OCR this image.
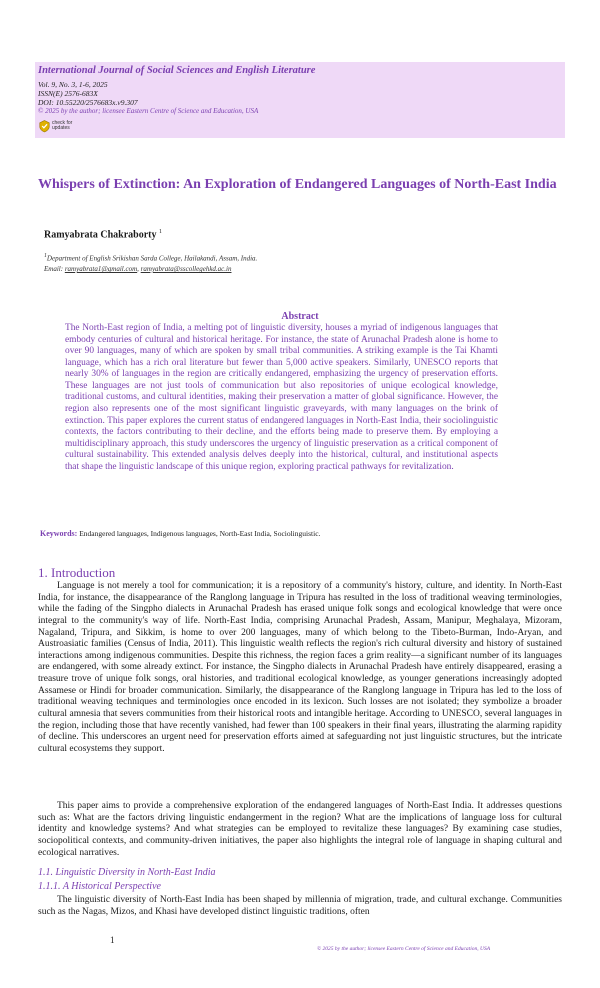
International Journal of Social Sciences and English Literature
Vol. 9, No. 3, 1-6, 2025
ISSN(E) 2576-683X
DOI: 10.55220/2576683x.v9.307
© 2025 by the author; licensee Eastern Centre of Science and Education, USA
check for updates
Whispers of Extinction: An Exploration of Endangered Languages of North-East India
Ramyabrata Chakraborty $^1$
$^1$Department of English Srikishan Sarda College, Hailakandi, Assam, India.
Email: ramyabrata1@gmail.com, ramyabrata@sscollegehkd.ac.in
Abstract

The North-East region of India, a melting pot of linguistic diversity, houses a myriad of indigenous languages that embody centuries of cultural and historical heritage. For instance, the state of Arunachal Pradesh alone is home to over 90 languages, many of which are spoken by small tribal communities. A striking example is the Tai Khamti language, which has a rich oral literature but fewer than 5,000 active speakers. Similarly, UNESCO reports that nearly 30% of languages in the region are critically endangered, emphasizing the urgency of preservation efforts. These languages are not just tools of communication but also repositories of unique ecological knowledge, traditional customs, and cultural identities, making their preservation a matter of global significance. However, the region also represents one of the most significant linguistic graveyards, with many languages on the brink of extinction. This paper explores the current status of endangered languages in North-East India, their sociolinguistic contexts, the factors contributing to their decline, and the efforts being made to preserve them. By employing a multidisciplinary approach, this study underscores the urgency of linguistic preservation as a critical component of cultural sustainability. This extended analysis delves deeply into the historical, cultural, and institutional aspects that shape the linguistic landscape of this unique region, exploring practical pathways for revitalization.

Keywords: Endangered languages, Indigenous languages, North-East India, Sociolinguistic.
1. Introduction

Language is not merely a tool for communication; it is a repository of a community's history, culture, and identity. In North-East India, for instance, the disappearance of the Ranglong language in Tripura has resulted in the loss of traditional weaving terminologies, while the fading of the Singpho dialects in Arunachal Pradesh has erased unique folk songs and ecological knowledge that were once integral to the community's way of life. North-East India, comprising Arunachal Pradesh, Assam, Manipur, Meghalaya, Mizoram, Nagaland, Tripura, and Sikkim, is home to over 200 languages, many of which belong to the Tibeto-Burman, Indo-Aryan, and Austroasiatic families (Census of India, 2011). This linguistic wealth reflects the region's rich cultural diversity and history of sustained interactions among indigenous communities. Despite this richness, the region faces a grim reality—a significant number of its languages are endangered, with some already extinct. For instance, the Singpho dialects in Arunachal Pradesh have entirely disappeared, erasing a treasure trove of unique folk songs, oral histories, and traditional ecological knowledge, as younger generations increasingly adopted Assamese or Hindi for broader communication. Similarly, the disappearance of the Ranglong language in Tripura has led to the loss of traditional weaving techniques and terminologies once encoded in its lexicon. Such losses are not isolated; they symbolize a broader cultural amnesia that severs communities from their historical roots and intangible heritage. According to UNESCO, several languages in the region, including those that have recently vanished, had fewer than 100 speakers in their final years, illustrating the alarming rapidity of decline. This underscores an urgent need for preservation efforts aimed at safeguarding not just linguistic structures, but the intricate cultural ecosystems they support.

This paper aims to provide a comprehensive exploration of the endangered languages of North-East India. It addresses questions such as: What are the factors driving linguistic endangerment in the region? What are the implications of language loss for cultural identity and knowledge systems? And what strategies can be employed to revitalize these languages? By examining case studies, sociopolitical contexts, and community-driven initiatives, the paper also highlights the integral role of language in shaping cultural and ecological narratives.

1.1. Linguistic Diversity in North-East India
1.1.1. A Historical Perspective

The linguistic diversity of North-East India has been shaped by millennia of migration, trade, and cultural exchange. Communities such as the Nagas, Mizos, and Khasi have developed distinct linguistic traditions, often

1
© 2025 by the author; licensee Eastern Centre of Science and Education, USA
